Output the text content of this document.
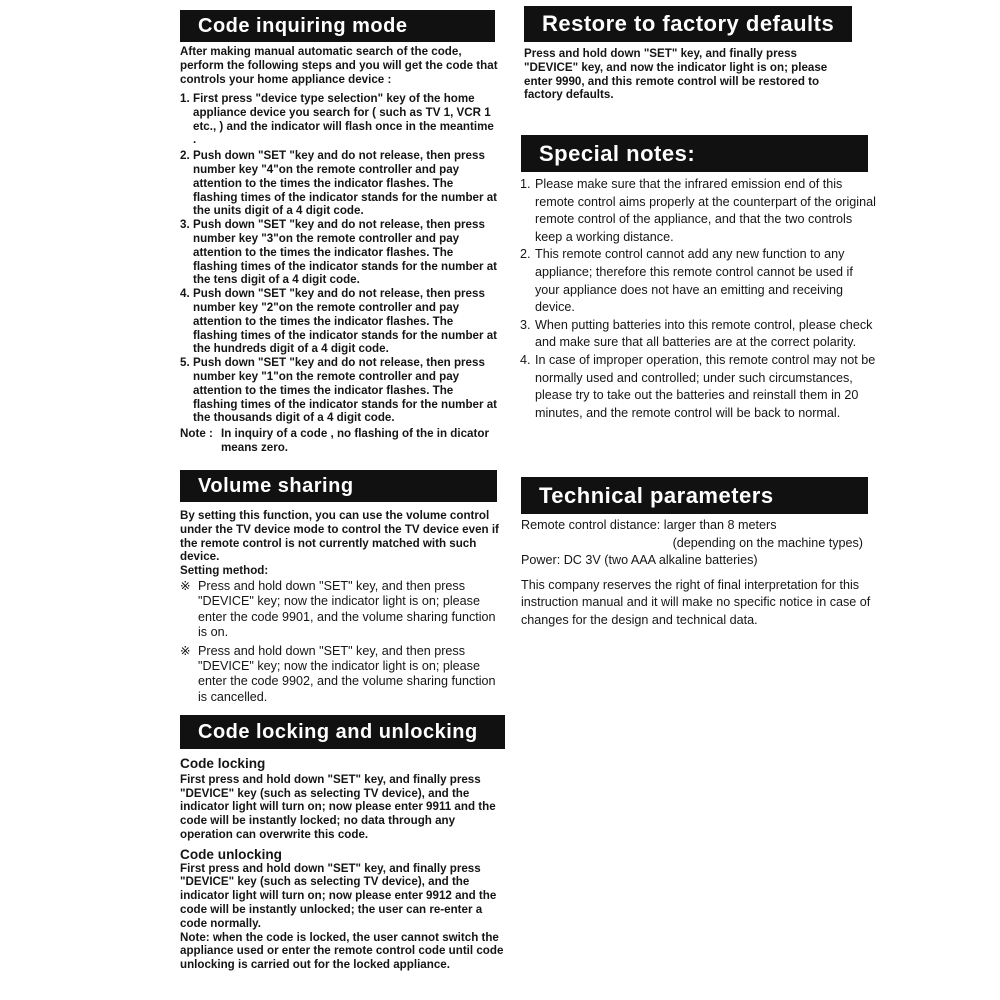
Code inquiring mode
After making manual automatic search of the code, perform the following steps and you will get the code that controls your home appliance device :
1. First press "device type selection" key of the home appliance device you search for ( such as TV 1, VCR 1 etc., ) and the indicator will flash once in the meantime .
2. Push down "SET "key and do not release, then press number key "4"on the remote controller and pay attention to the times the indicator flashes. The flashing times of the indicator stands for the number at the units digit of a 4 digit code.
3. Push down "SET "key and do not release, then press number key "3"on the remote controller and pay attention to the times the indicator flashes. The flashing times of the indicator stands for the number at the tens digit of a 4 digit code.
4. Push down "SET "key and do not release, then press number key "2"on the remote controller and pay attention to the times the indicator flashes. The flashing times of the indicator stands for the number at the hundreds digit of a 4 digit code.
5. Push down "SET "key and do not release, then press number key "1"on the remote controller and pay attention to the times the indicator flashes. The flashing times of the indicator stands for the number at the thousands digit of a 4 digit code.
Note : In inquiry of a code , no flashing of the in dicator means zero.
Volume sharing
By setting this function, you can use the volume control under the TV device mode to control the TV device even if the remote control is not currently matched with such device.
Setting method:
※ Press and hold down "SET" key, and then press "DEVICE" key; now the indicator light is on; please enter the code 9901, and the volume sharing function is on.
※ Press and hold down "SET" key, and then press "DEVICE" key; now the indicator light is on; please enter the code 9902, and the volume sharing function is cancelled.
Code locking and unlocking
Code locking
First press and hold down "SET" key, and finally press "DEVICE" key (such as selecting TV device), and the indicator light will turn on; now please enter 9911 and the code will be instantly locked; no data through any operation can overwrite this code.
Code unlocking
First press and hold down "SET" key, and finally press "DEVICE" key (such as selecting TV device), and the indicator light will turn on; now please enter 9912 and the code will be instantly unlocked; the user can re-enter a code normally.
Note: when the code is locked, the user cannot switch the appliance used or enter the remote control code until code unlocking is carried out for the locked appliance.
Restore to factory defaults
Press and hold down "SET" key, and finally press "DEVICE" key, and now the indicator light is on; please enter 9990, and this remote control will be restored to factory defaults.
Special notes:
1. Please make sure that the infrared emission end of this remote control aims properly at the counterpart of the original remote control of the appliance, and that the two controls keep a working distance.
2. This remote control cannot add any new function to any appliance; therefore this remote control cannot be used if your appliance does not have an emitting and receiving device.
3. When putting batteries into this remote control, please check and make sure that all batteries are at the correct polarity.
4. In case of improper operation, this remote control may not be normally used and controlled; under such circumstances, please try to take out the batteries and reinstall them in 20 minutes, and the remote control will be back to normal.
Technical parameters
Remote control distance: larger than 8 meters
(depending on the machine types)
Power: DC 3V (two AAA alkaline batteries)
This company reserves the right of final interpretation for this instruction manual and it will make no specific notice in case of changes for the design and technical data.
